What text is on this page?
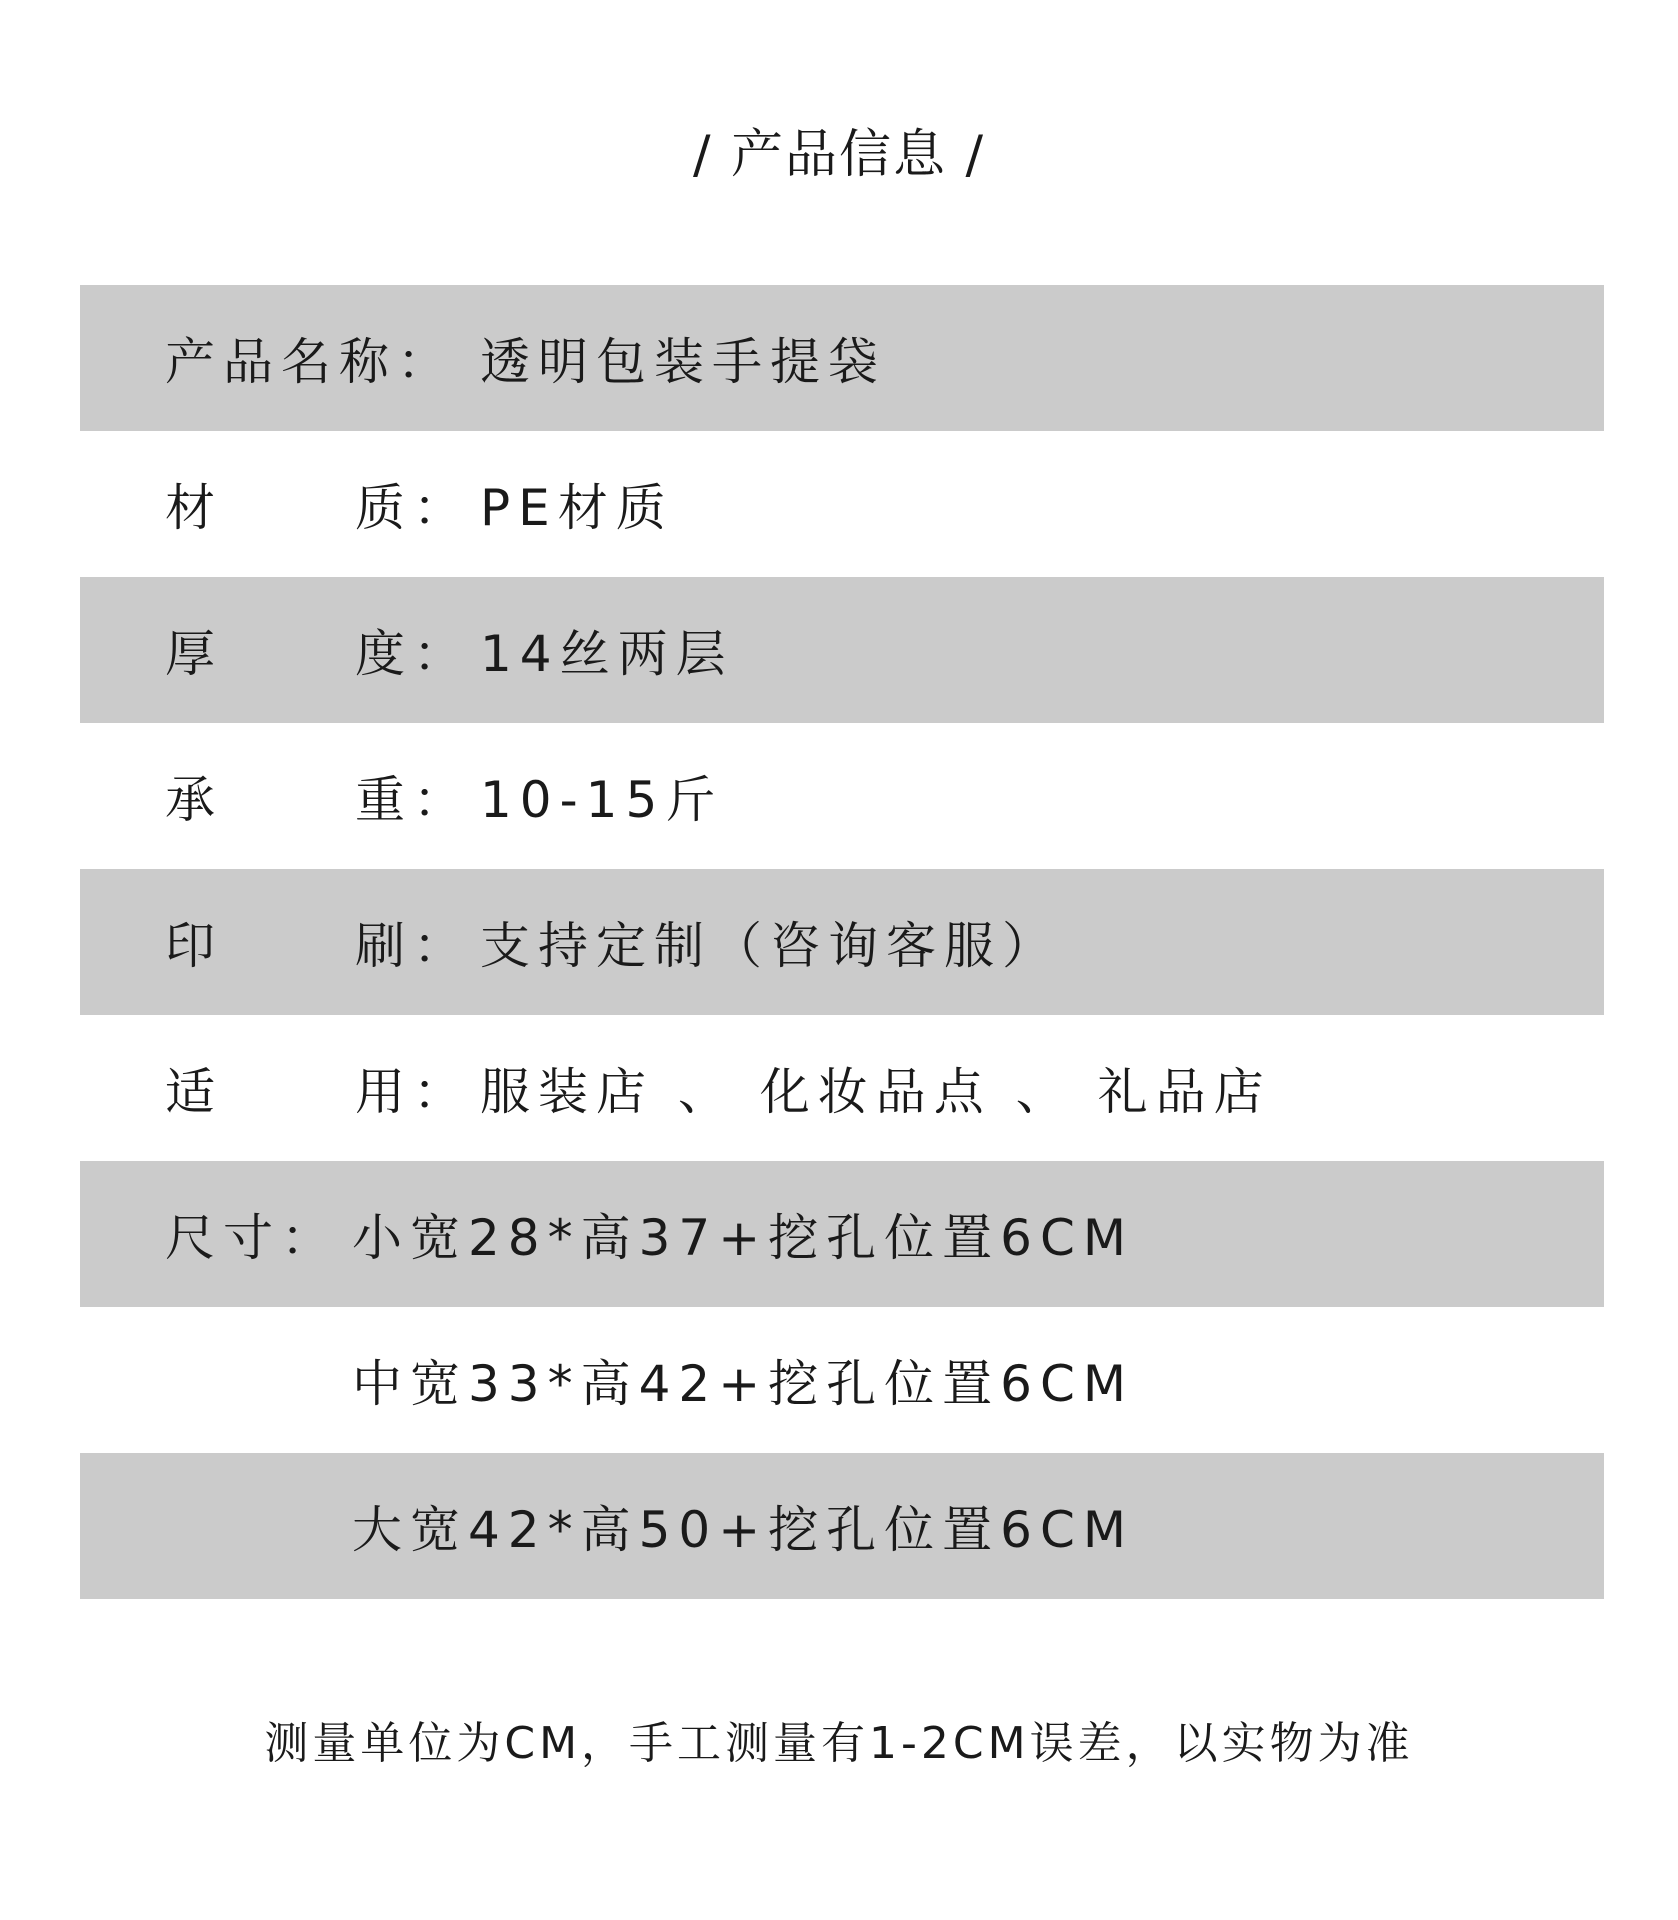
/ 产品信息 /
产品名称： 透明包装手提袋
材	质： PE材质
厚	度： 14丝两层
承	重： 10-15斤
印	刷： 支持定制（咨询客服）
适	用： 服装店 、 化妆品点 、 礼品店
尺寸： 小宽28*高37+挖孔位置6CM
中宽33*高42+挖孔位置6CM
大宽42*高50+挖孔位置6CM
测量单位为CM，手工测量有1-2CM误差，以实物为准
